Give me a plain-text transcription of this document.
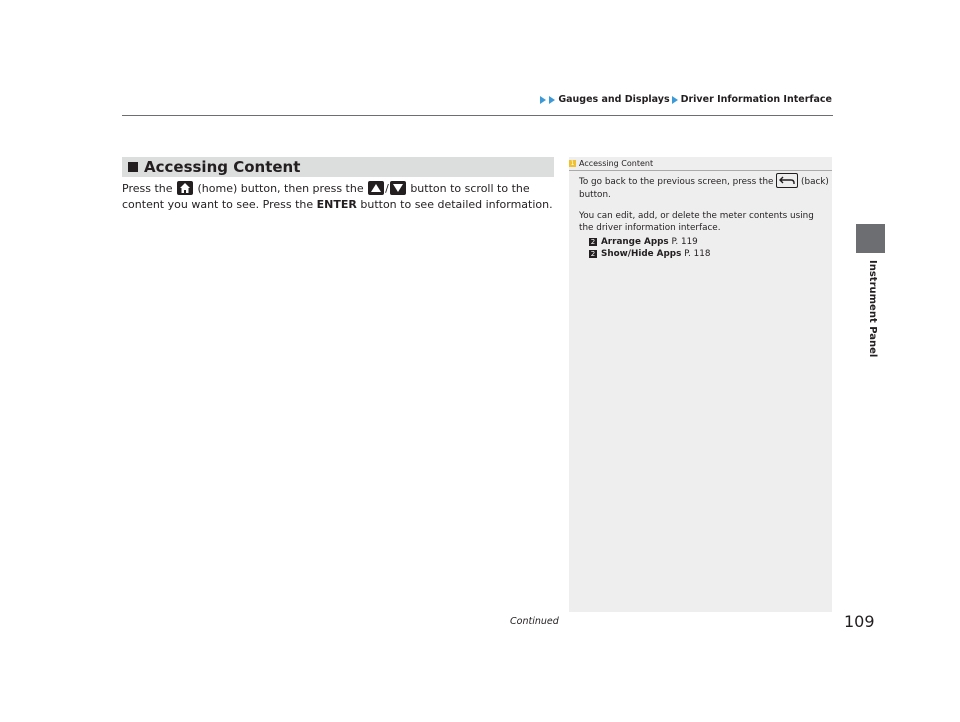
Gauges and Displays Driver Information Interface
Instrument Panel
Accessing Content
Press the (home) button, then press the / button to scroll to the content you want to see. Press the ENTER button to see detailed information.
1 Accessing Content

To go back to the previous screen, press the	(back) button.

You can edit, add, or delete the meter contents using the driver information interface.

2 Arrange Apps
P. 119
2 Show/Hide Apps
P. 118
Continued	109
